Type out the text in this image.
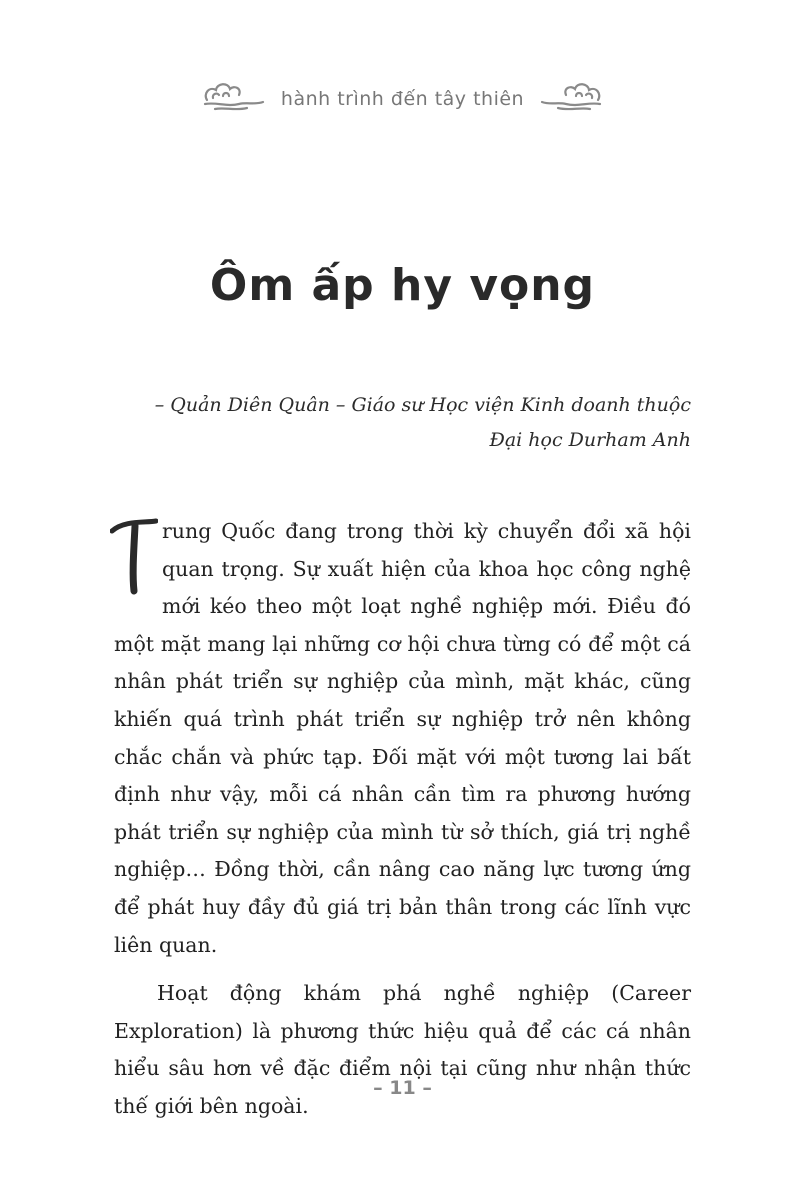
hành trình đến tây thiên
Ôm ấp hy vọng
– Quản Diên Quân – Giáo sư Học viện Kinh doanh thuộc
Đại học Durham Anh

rung Quốc đang trong thời kỳ chuyển đổi xã hội quan trọng. Sự xuất hiện của khoa học công nghệ mới kéo theo một loạt nghề nghiệp mới. Điều đó một mặt mang lại những cơ hội chưa từng có để một cá nhân phát triển sự nghiệp của mình, mặt khác, cũng khiến quá trình phát triển sự nghiệp trở nên không chắc chắn và phức tạp. Đối mặt với một tương lai bất định như vậy, mỗi cá nhân cần tìm ra phương hướng phát triển sự nghiệp của mình từ sở thích, giá trị nghề nghiệp… Đồng thời, cần nâng cao năng lực tương ứng để phát huy đầy đủ giá trị bản thân trong các lĩnh vực liên quan.

Hoạt động khám phá nghề nghiệp (Career Exploration) là phương thức hiệu quả để các cá nhân hiểu sâu hơn về đặc điểm nội tại cũng như nhận thức thế giới bên ngoài.

– 11 –
